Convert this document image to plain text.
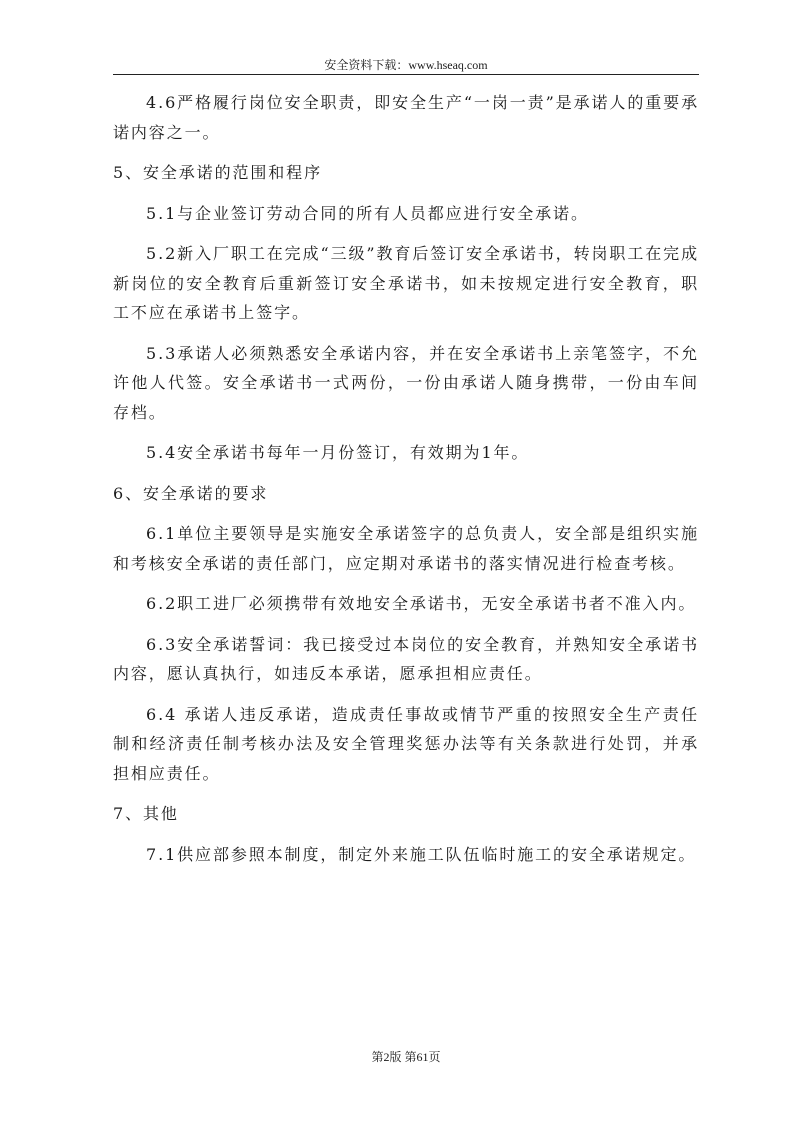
安全资料下载：www.hseaq.com

4.6严格履行岗位安全职责，即安全生产“一岗一责”是承诺人的重要承诺内容之一。

5、安全承诺的范围和程序

5.1与企业签订劳动合同的所有人员都应进行安全承诺。

5.2新入厂职工在完成“三级”教育后签订安全承诺书，转岗职工在完成新岗位的安全教育后重新签订安全承诺书，如未按规定进行安全教育，职工不应在承诺书上签字。

5.3承诺人必须熟悉安全承诺内容，并在安全承诺书上亲笔签字，不允许他人代签。安全承诺书一式两份，一份由承诺人随身携带，一份由车间存档。

5.4安全承诺书每年一月份签订，有效期为1年。

6、安全承诺的要求

6.1单位主要领导是实施安全承诺签字的总负责人，安全部是组织实施和考核安全承诺的责任部门，应定期对承诺书的落实情况进行检查考核。

6.2职工进厂必须携带有效地安全承诺书，无安全承诺书者不准入内。

6.3安全承诺誓词：我已接受过本岗位的安全教育，并熟知安全承诺书内容，愿认真执行，如违反本承诺，愿承担相应责任。

6.4 承诺人违反承诺，造成责任事故或情节严重的按照安全生产责任制和经济责任制考核办法及安全管理奖惩办法等有关条款进行处罚，并承担相应责任。

7、其他

7.1供应部参照本制度，制定外来施工队伍临时施工的安全承诺规定。

第2版 第61页
